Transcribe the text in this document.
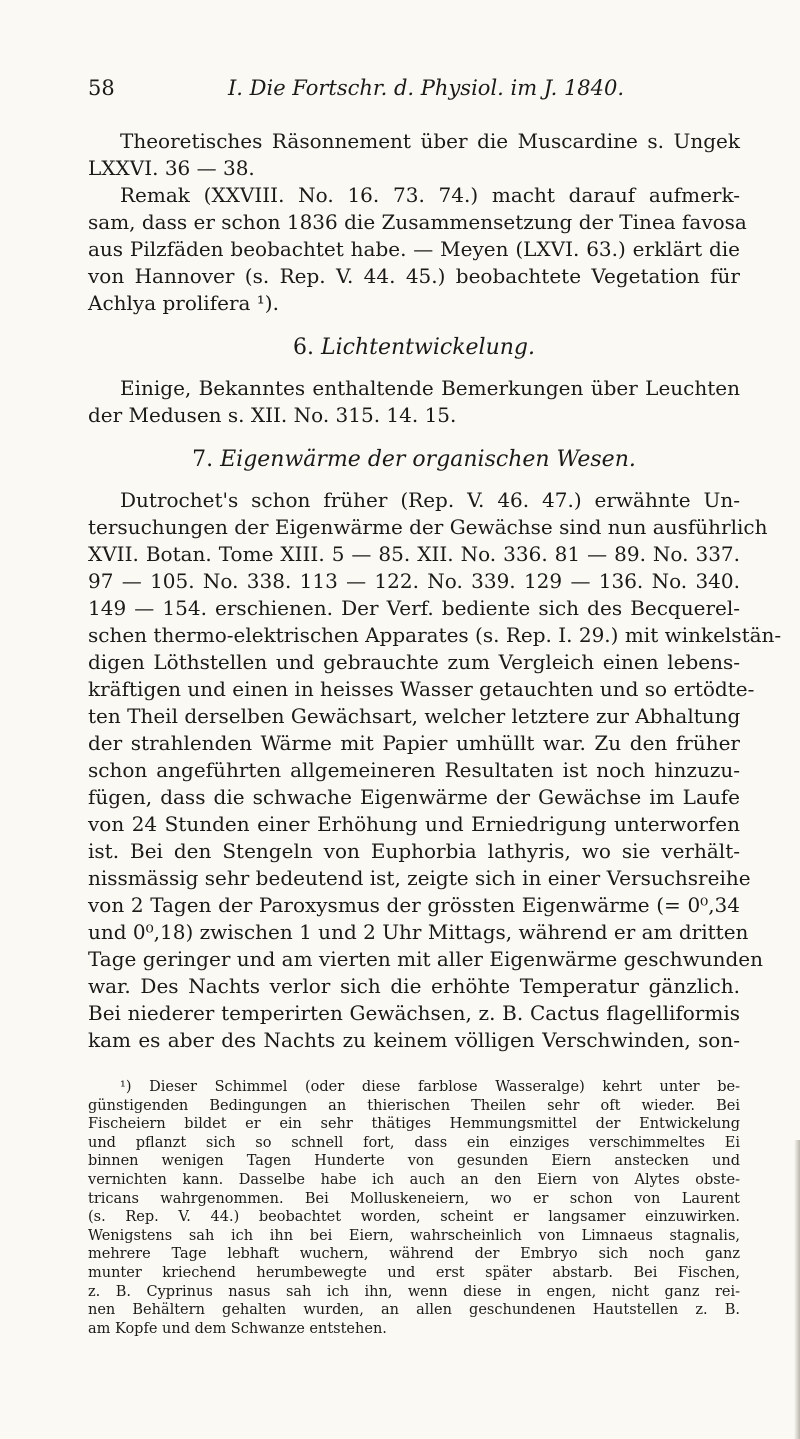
58	I. Die Fortschr. d. Physiol. im J. 1840.
Theoretisches Räsonnement über die Muscardine s. Ungek
LXXVI. 36 — 38.
Remak (XXVIII. No. 16. 73. 74.) macht darauf aufmerk-
sam, dass er schon 1836 die Zusammensetzung der Tinea favosa
aus Pilzfäden beobachtet habe. — Meyen (LXVI. 63.) erklärt die
von Hannover (s. Rep. V. 44. 45.) beobachtete Vegetation für
Achlya prolifera ¹).
6. Lichtentwickelung.
Einige, Bekanntes enthaltende Bemerkungen über Leuchten
der Medusen s. XII. No. 315. 14. 15.
7. Eigenwärme der organischen Wesen.
Dutrochet's schon früher (Rep. V. 46. 47.) erwähnte Un-
tersuchungen der Eigenwärme der Gewächse sind nun ausführlich
XVII. Botan. Tome XIII. 5 — 85. XII. No. 336. 81 — 89. No. 337.
97 — 105. No. 338. 113 — 122. No. 339. 129 — 136. No. 340.
149 — 154. erschienen. Der Verf. bediente sich des Becquerel-
schen thermo-elektrischen Apparates (s. Rep. I. 29.) mit winkelstän-
digen Löthstellen und gebrauchte zum Vergleich einen lebens-
kräftigen und einen in heisses Wasser getauchten und so ertödte-
ten Theil derselben Gewächsart, welcher letztere zur Abhaltung
der strahlenden Wärme mit Papier umhüllt war. Zu den früher
schon angeführten allgemeineren Resultaten ist noch hinzuzu-
fügen, dass die schwache Eigenwärme der Gewächse im Laufe
von 24 Stunden einer Erhöhung und Erniedrigung unterworfen
ist. Bei den Stengeln von Euphorbia lathyris, wo sie verhält-
nissmässig sehr bedeutend ist, zeigte sich in einer Versuchsreihe
von 2 Tagen der Paroxysmus der grössten Eigenwärme (= 0⁰,34
und 0⁰,18) zwischen 1 und 2 Uhr Mittags, während er am dritten
Tage geringer und am vierten mit aller Eigenwärme geschwunden
war. Des Nachts verlor sich die erhöhte Temperatur gänzlich.
Bei niederer temperirten Gewächsen, z. B. Cactus flagelliformis
kam es aber des Nachts zu keinem völligen Verschwinden, son-
¹) Dieser Schimmel (oder diese farblose Wasseralge) kehrt unter be-
günstigenden Bedingungen an thierischen Theilen sehr oft wieder. Bei
Fischeiern bildet er ein sehr thätiges Hemmungsmittel der Entwickelung
und pflanzt sich so schnell fort, dass ein einziges verschimmeltes Ei
binnen wenigen Tagen Hunderte von gesunden Eiern anstecken und
vernichten kann. Dasselbe habe ich auch an den Eiern von Alytes obste-
tricans wahrgenommen. Bei Molluskeneiern, wo er schon von Laurent
(s. Rep. V. 44.) beobachtet worden, scheint er langsamer einzuwirken.
Wenigstens sah ich ihn bei Eiern, wahrscheinlich von Limnaeus stagnalis,
mehrere Tage lebhaft wuchern, während der Embryo sich noch ganz
munter kriechend herumbewegte und erst später abstarb. Bei Fischen,
z. B. Cyprinus nasus sah ich ihn, wenn diese in engen, nicht ganz rei-
nen Behältern gehalten wurden, an allen geschundenen Hautstellen z. B.
am Kopfe und dem Schwanze entstehen.
